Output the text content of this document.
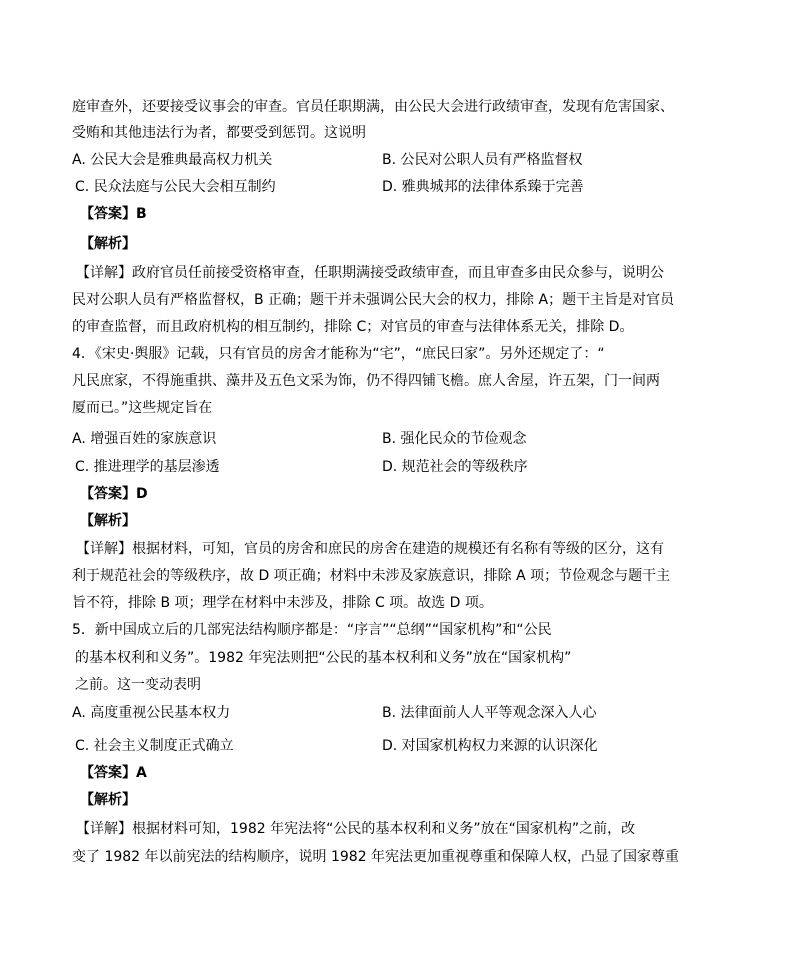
庭审查外，还要接受议事会的审查。官员任职期满，由公民大会进行政绩审查，发现有危害国家、
受贿和其他违法行为者，都要受到惩罚。这说明
A. 公民大会是雅典最高权力机关	B. 公民对公职人员有严格监督权
C. 民众法庭与公民大会相互制约	D. 雅典城邦的法律体系臻于完善
【答案】B
【解析】
【详解】政府官员任前接受资格审查，任职期满接受政绩审查，而且审查多由民众参与，说明公
民对公职人员有严格监督权，B 正确；题干并未强调公民大会的权力，排除 A；题干主旨是对官员
的审查监督，而且政府机构的相互制约，排除 C；对官员的审查与法律体系无关，排除 D。
4．《宋史·舆服》记载，只有官员的房舍才能称为“宅”，“庶民曰家”。另外还规定了：“
凡民庶家，不得施重拱、藻井及五色文采为饰，仍不得四铺飞檐。庶人舍屋，许五架，门一间两
厦而已。”这些规定旨在
A. 增强百姓的家族意识	B. 强化民众的节俭观念
C. 推进理学的基层渗透	D. 规范社会的等级秩序
【答案】D
【解析】
【详解】根据材料，可知，官员的房舍和庶民的房舍在建造的规模还有名称有等级的区分，这有
利于规范社会的等级秩序，故 D 项正确；材料中未涉及家族意识，排除 A 项；节俭观念与题干主
旨不符，排除 B 项；理学在材料中未涉及，排除 C 项。故选 D 项。
5．新中国成立后的几部宪法结构顺序都是：“序言”“总纲”“国家机构”和“公民
的基本权利和义务”。1982 年宪法则把“公民的基本权利和义务”放在“国家机构”
之前。这一变动表明
A. 高度重视公民基本权力	B. 法律面前人人平等观念深入人心
C. 社会主义制度正式确立	D. 对国家机构权力来源的认识深化
【答案】A
【解析】
【详解】根据材料可知，1982 年宪法将“公民的基本权利和义务”放在“国家机构”之前，改
变了 1982 年以前宪法的结构顺序，说明 1982 年宪法更加重视尊重和保障人权，凸显了国家尊重
